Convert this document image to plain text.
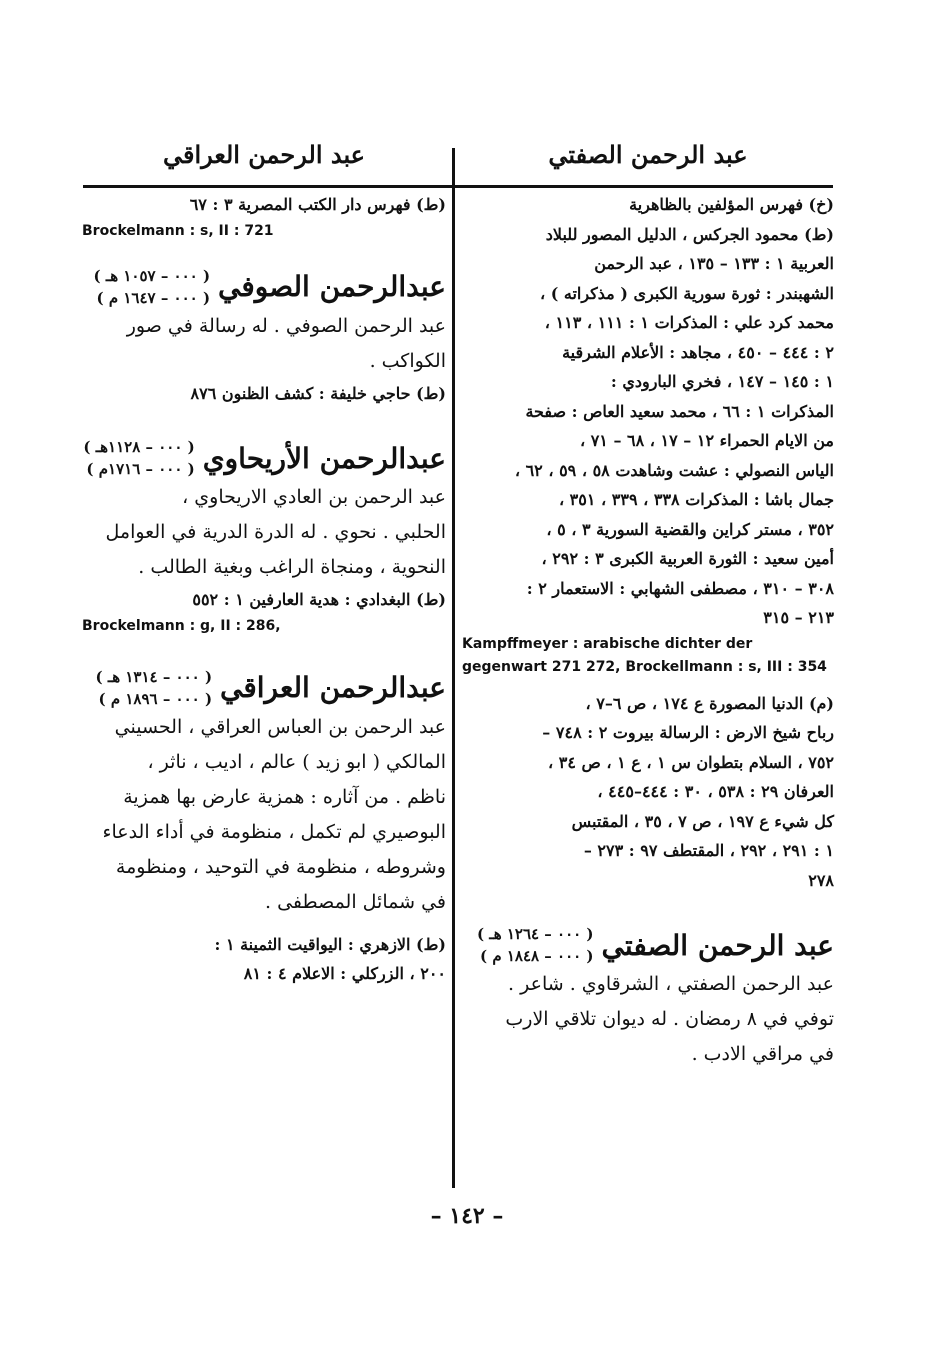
عبد الرحمن الصفتي
عبد الرحمن العراقي

(خ) فهرس المؤلفين بالظاهرية

(ط) محمود الجركس ، الدليل المصور للبلاد

العربية ١ : ١٣٣ – ١٣٥ ، عبد الرحمن

الشهبندر : ثورة سورية الكبرى ( مذكراته ) ،

محمد كرد علي : المذكرات ١ : ١١١ ، ١١٣ ،

٢ : ٤٤٤ – ٤٥٠ ، مجاهد : الأعلام الشرقية

١ : ١٤٥ – ١٤٧ ، فخري البارودي :

المذكرات ١ : ٦٦ ، محمد سعيد العاص : صفحة

من الايام الحمراء ١٢ – ١٧ ، ٦٨ – ٧١ ،

الياس النصولي : عشت وشاهدت ٥٨ ، ٥٩ ، ٦٢ ،

جمال باشا : المذكرات ٣٣٨ ، ٣٣٩ ، ٣٥١ ،

٣٥٢ ، مستر كراين والقضية السورية ٣ ، ٥ ،

أمين سعيد : الثورة العربية الكبرى ٣ : ٢٩٢ ،

٣٠٨ – ٣١٠ ، مصطفى الشهابي : الاستعمار ٢ :

٢١٣ – ٣١٥

Kampffmeyer : arabische dichter der gegenwart 271 272, Brockellmann : s, III : 354

(م) الدنيا المصورة ع ١٧٤ ، ص ٦–٧ ،

رباح شيخ الارض : الرسالة بيروت ٢ : ٧٤٨ –

٧٥٢ ، السلام بتطوان س ١ ، ع ١ ، ص ٣٤ ،

العرفان ٢٩ : ٥٣٨ ، ٣٠ : ٤٤٤–٤٤٥ ،

كل شيء ع ١٩٧ ، ص ٧ ، ٣٥ ، المقتبس

١ : ٢٩١ ، ٢٩٢ ، المقتطف ٩٧ : ٢٧٣ –

٢٧٨

عبد الرحمن الصفتي
( ٠٠٠ – ١٢٦٤ هـ )
( ٠٠٠ – ١٨٤٨ م )

عبد الرحمن الصفتي ، الشرقاوي . شاعر .

توفي في ٨ رمضان . له ديوان تلاقي الارب

في مراقي الادب .

(ط) فهرس دار الكتب المصرية ٣ : ٦٧

Brockelmann : s, II : 721

عبدالرحمن الصوفي
( ٠٠٠ – ١٠٥٧ هـ )
( ٠٠٠ – ١٦٤٧ م )

عبد الرحمن الصوفي . له رسالة في صور

الكواكب .

(ط) حاجي خليفة : كشف الظنون ٨٧٦

عبدالرحمن الأريحاوي
( ٠٠٠ – ١١٢٨هـ )
( ٠٠٠ – ١٧١٦م )

عبد الرحمن بن العادي الاريحاوي ،

الحلبي . نحوي . له الدرة الدرية في العوامل

النحوية ، ومنجاة الراغب وبغية الطالب .

(ط) البغدادي : هدية العارفين ١ : ٥٥٢

Brockelmann : g, II : 286,

عبدالرحمن العراقي
( ٠٠٠ – ١٣١٤ هـ )
( ٠٠٠ – ١٨٩٦ م )

عبد الرحمن بن العباس العراقي ، الحسيني

المالكي ( ابو زيد ) عالم ، اديب ، ناثر ،

ناظم . من آثاره : همزية عارض بها همزية

البوصيري لم تكمل ، منظومة في أداء الدعاء

وشروطه ، منظومة في التوحيد ، ومنظومة

في شمائل المصطفى .

(ط) الازهري : اليواقيت الثمينة ١ :

٢٠٠ ، الزركلي : الاعلام ٤ : ٨١

– ١٤٢ –
